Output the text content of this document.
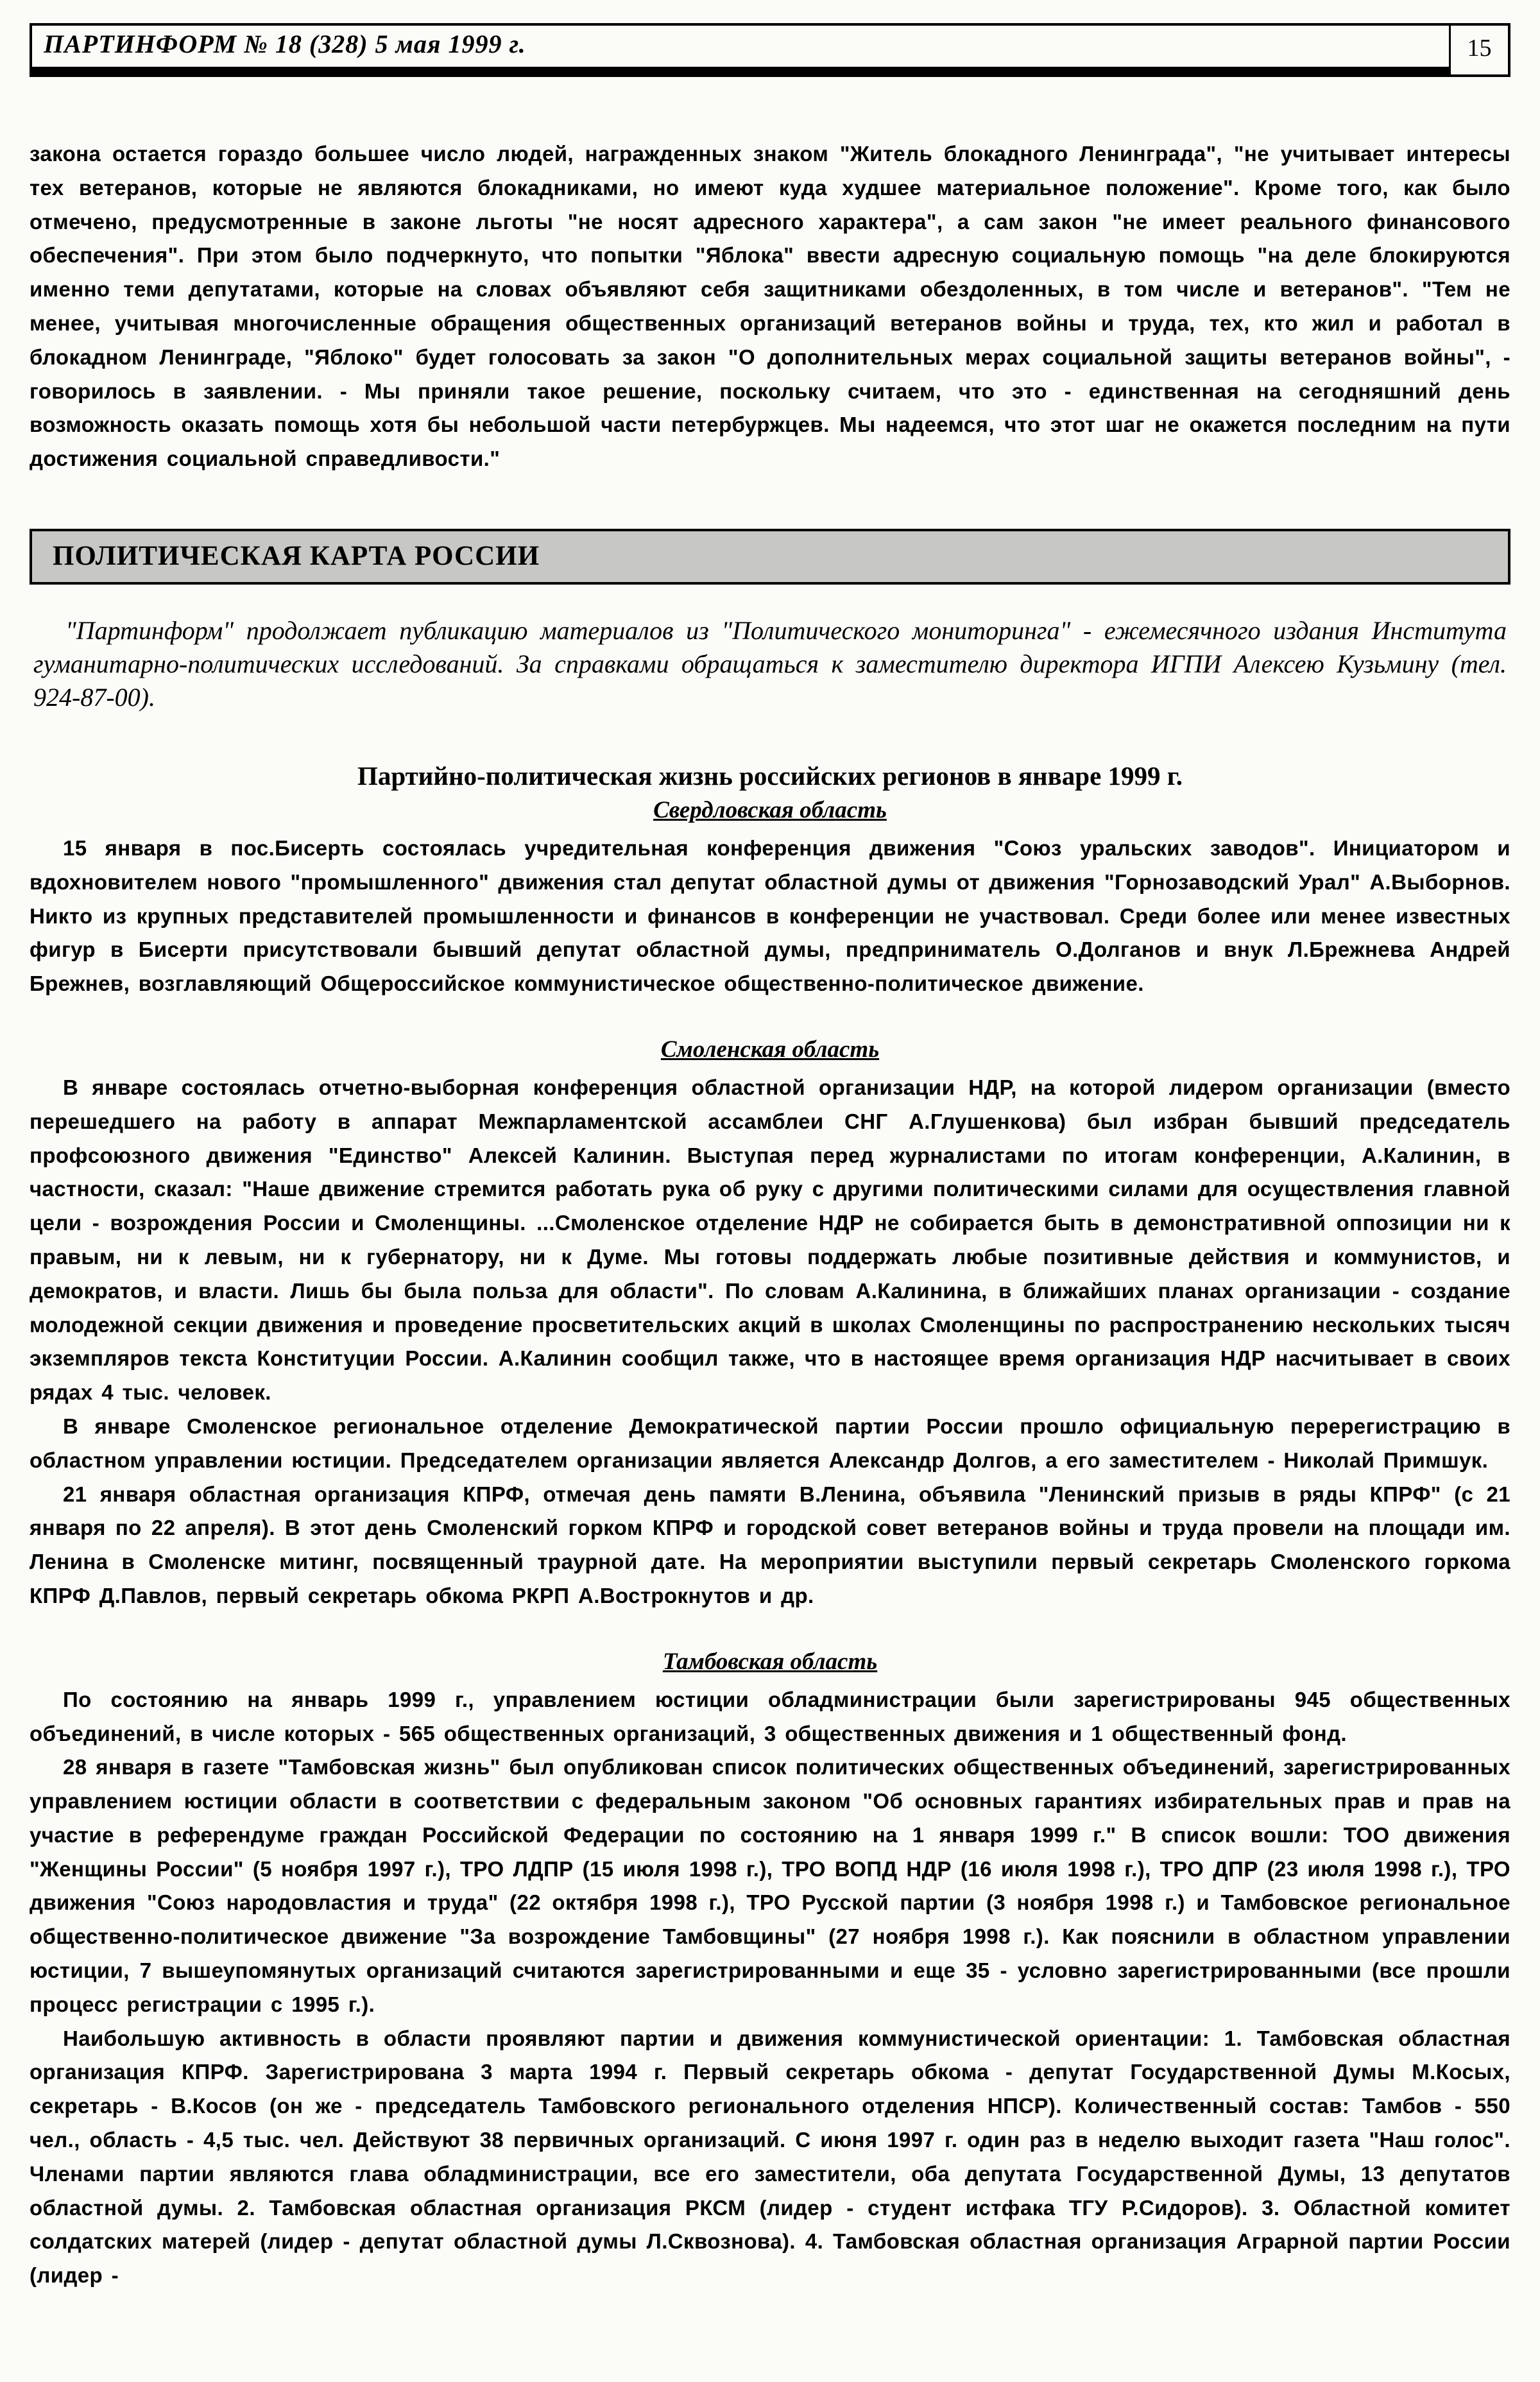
ПАРТИНФОРМ № 18 (328) 5 мая 1999 г.	15

закона остается гораздо большее число людей, награжденных знаком "Житель блокадного Ленинграда", "не учитывает интересы тех ветеранов, которые не являются блокадниками, но имеют куда худшее материальное положение". Кроме того, как было отмечено, предусмотренные в законе льготы "не носят адресного характера", а сам закон "не имеет реального финансового обеспечения". При этом было подчеркнуто, что попытки "Яблока" ввести адресную социальную помощь "на деле блокируются именно теми депутатами, которые на словах объявляют себя защитниками обездоленных, в том числе и ветеранов". "Тем не менее, учитывая многочисленные обращения общественных организаций ветеранов войны и труда, тех, кто жил и работал в блокадном Ленинграде, "Яблоко" будет голосовать за закон "О дополнительных мерах социальной защиты ветеранов войны", - говорилось в заявлении. - Мы приняли такое решение, поскольку считаем, что это - единственная на сегодняшний день возможность оказать помощь хотя бы небольшой части петербуржцев. Мы надеемся, что этот шаг не окажется последним на пути достижения социальной справедливости."

ПОЛИТИЧЕСКАЯ КАРТА РОССИИ

"Партинформ" продолжает публикацию материалов из "Политического мониторинга" - ежемесячного издания Института гуманитарно-политических исследований. За справками обращаться к заместителю директора ИГПИ Алексею Кузьмину (тел. 924-87-00).

Партийно-политическая жизнь российских регионов в январе 1999 г.
Свердловская область

15 января в пос.Бисерть состоялась учредительная конференция движения "Союз уральских заводов". Инициатором и вдохновителем нового "промышленного" движения стал депутат областной думы от движения "Горнозаводский Урал" А.Выборнов. Никто из крупных представителей промышленности и финансов в конференции не участвовал. Среди более или менее известных фигур в Бисерти присутствовали бывший депутат областной думы, предприниматель О.Долганов и внук Л.Брежнева Андрей Брежнев, возглавляющий Общероссийское коммунистическое общественно-политическое движение.

Смоленская область

В январе состоялась отчетно-выборная конференция областной организации НДР, на которой лидером организации (вместо перешедшего на работу в аппарат Межпарламентской ассамблеи СНГ А.Глушенкова) был избран бывший председатель профсоюзного движения "Единство" Алексей Калинин. Выступая перед журналистами по итогам конференции, А.Калинин, в частности, сказал: "Наше движение стремится работать рука об руку с другими политическими силами для осуществления главной цели - возрождения России и Смоленщины. ...Смоленское отделение НДР не собирается быть в демонстративной оппозиции ни к правым, ни к левым, ни к губернатору, ни к Думе. Мы готовы поддержать любые позитивные действия и коммунистов, и демократов, и власти. Лишь бы была польза для области". По словам А.Калинина, в ближайших планах организации - создание молодежной секции движения и проведение просветительских акций в школах Смоленщины по распространению нескольких тысяч экземпляров текста Конституции России. А.Калинин сообщил также, что в настоящее время организация НДР насчитывает в своих рядах 4 тыс. человек.

В январе Смоленское региональное отделение Демократической партии России прошло официальную перерегистрацию в областном управлении юстиции. Председателем организации является Александр Долгов, а его заместителем - Николай Примшук.

21 января областная организация КПРФ, отмечая день памяти В.Ленина, объявила "Ленинский призыв в ряды КПРФ" (с 21 января по 22 апреля). В этот день Смоленский горком КПРФ и городской совет ветеранов войны и труда провели на площади им. Ленина в Смоленске митинг, посвященный траурной дате. На мероприятии выступили первый секретарь Смоленского горкома КПРФ Д.Павлов, первый секретарь обкома РКРП А.Вострокнутов и др.

Тамбовская область

По состоянию на январь 1999 г., управлением юстиции обладминистрации были зарегистрированы 945 общественных объединений, в числе которых - 565 общественных организаций, 3 общественных движения и 1 общественный фонд.

28 января в газете "Тамбовская жизнь" был опубликован список политических общественных объединений, зарегистрированных управлением юстиции области в соответствии с федеральным законом "Об основных гарантиях избирательных прав и прав на участие в референдуме граждан Российской Федерации по состоянию на 1 января 1999 г." В список вошли: ТОО движения "Женщины России" (5 ноября 1997 г.), ТРО ЛДПР (15 июля 1998 г.), ТРО ВОПД НДР (16 июля 1998 г.), ТРО ДПР (23 июля 1998 г.), ТРО движения "Союз народовластия и труда" (22 октября 1998 г.), ТРО Русской партии (3 ноября 1998 г.) и Тамбовское региональное общественно-политическое движение "За возрождение Тамбовщины" (27 ноября 1998 г.). Как пояснили в областном управлении юстиции, 7 вышеупомянутых организаций считаются зарегистрированными и еще 35 - условно зарегистрированными (все прошли процесс регистрации с 1995 г.).

Наибольшую активность в области проявляют партии и движения коммунистической ориентации: 1. Тамбовская областная организация КПРФ. Зарегистрирована 3 марта 1994 г. Первый секретарь обкома - депутат Государственной Думы М.Косых, секретарь - В.Косов (он же - председатель Тамбовского регионального отделения НПСР). Количественный состав: Тамбов - 550 чел., область - 4,5 тыс. чел. Действуют 38 первичных организаций. С июня 1997 г. один раз в неделю выходит газета "Наш голос". Членами партии являются глава обладминистрации, все его заместители, оба депутата Государственной Думы, 13 депутатов областной думы. 2. Тамбовская областная организация РКСМ (лидер - студент истфака ТГУ Р.Сидоров). 3. Областной комитет солдатских матерей (лидер - депутат областной думы Л.Сквознова). 4. Тамбовская областная организация Аграрной партии России (лидер -
